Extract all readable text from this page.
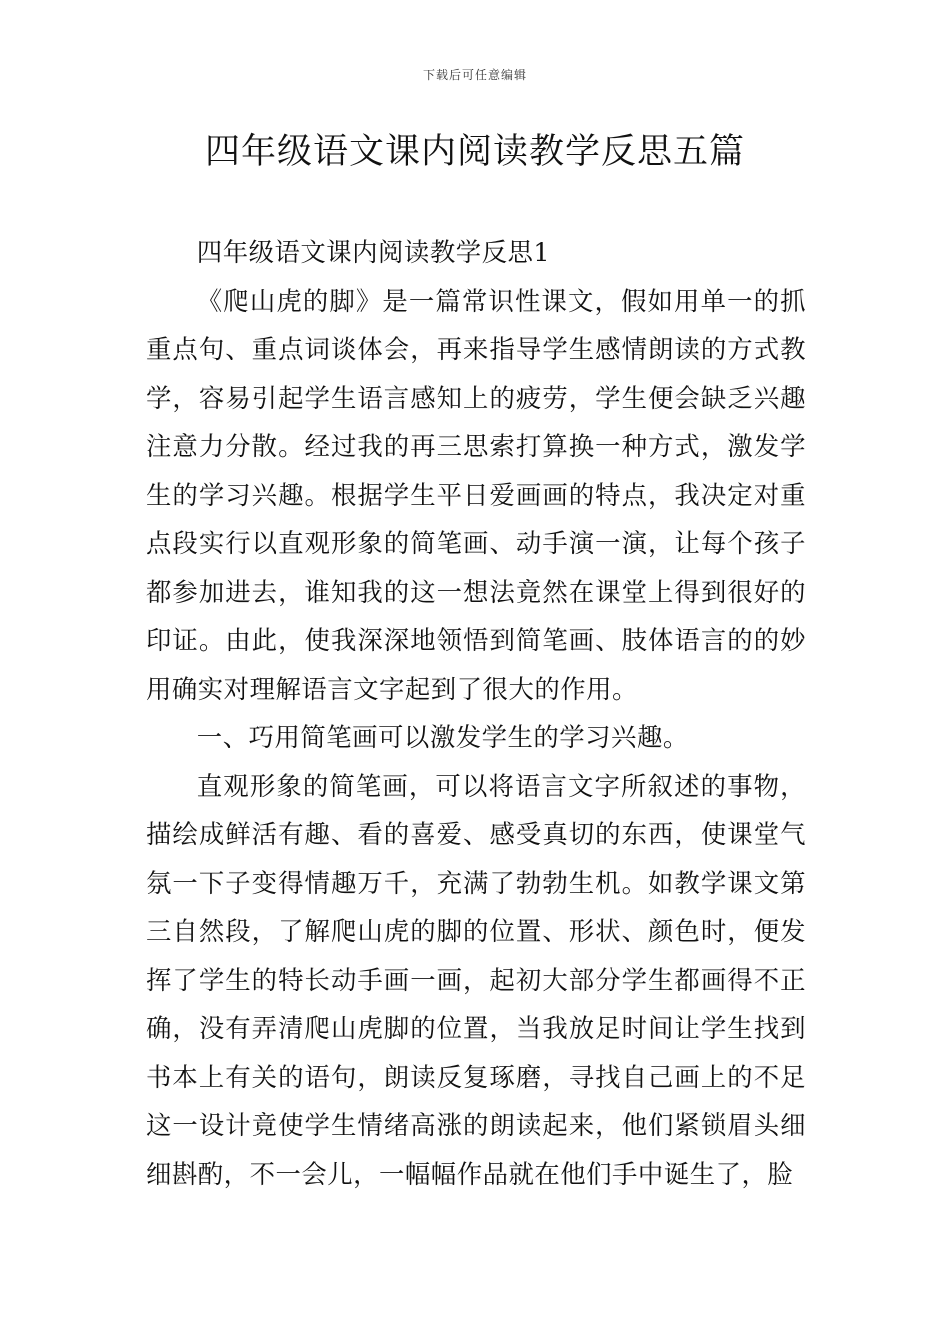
下载后可任意编辑
四年级语文课内阅读教学反思五篇

四年级语文课内阅读教学反思1

《爬山虎的脚》是一篇常识性课文，假如用单一的抓重点句、重点词谈体会，再来指导学生感情朗读的方式教学，容易引起学生语言感知上的疲劳，学生便会缺乏兴趣注意力分散。经过我的再三思索打算换一种方式，激发学生的学习兴趣。根据学生平日爱画画的特点，我决定对重点段实行以直观形象的简笔画、动手演一演，让每个孩子都参加进去，谁知我的这一想法竟然在课堂上得到很好的印证。由此，使我深深地领悟到简笔画、肢体语言的的妙用确实对理解语言文字起到了很大的作用。

一、巧用简笔画可以激发学生的学习兴趣。

直观形象的简笔画，可以将语言文字所叙述的事物，描绘成鲜活有趣、看的喜爱、感受真切的东西，使课堂气氛一下子变得情趣万千，充满了勃勃生机。如教学课文第三自然段，了解爬山虎的脚的位置、形状、颜色时，便发挥了学生的特长动手画一画，起初大部分学生都画得不正确，没有弄清爬山虎脚的位置，当我放足时间让学生找到书本上有关的语句，朗读反复琢磨，寻找自己画上的不足这一设计竟使学生情绪高涨的朗读起来，他们紧锁眉头细细斟酌，不一会儿，一幅幅作品就在他们手中诞生了，脸
